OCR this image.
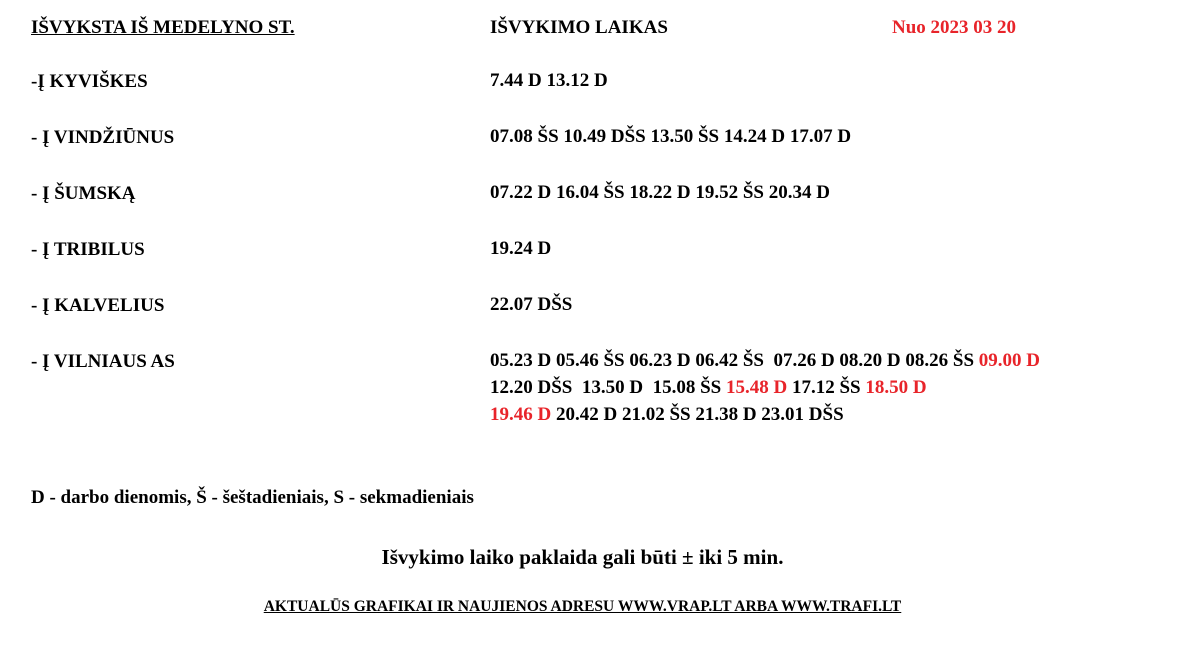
IŠVYKSTA IŠ MEDELYNO ST.	IŠVYKIMO LAIKAS	Nuo 2023 03 20
-Į KYVIŠKES	7.44 D 13.12 D
- Į VINDŽIŪNUS	07.08 ŠS 10.49 DŠS 13.50 ŠS 14.24 D 17.07 D
- Į ŠUMSKĄ	07.22 D 16.04 ŠS 18.22 D 19.52 ŠS 20.34 D
- Į TRIBILUS	19.24 D
- Į KALVELIUS	22.07 DŠS
- Į VILNIAUS AS	05.23 D 05.46 ŠS 06.23 D 06.42 ŠS  07.26 D 08.20 D 08.26 ŠS 09.00 D
12.20 DŠS  13.50 D  15.08 ŠS 15.48 D 17.12 ŠS 18.50 D
19.46 D 20.42 D 21.02 ŠS 21.38 D 23.01 DŠS
D - darbo dienomis, Š - šeštadieniais, S - sekmadieniais
Išvykimo laiko paklaida gali būti ± iki 5 min.
AKTUALŪS GRAFIKAI IR NAUJIENOS ADRESU WWW.VRAP.LT ARBA WWW.TRAFI.LT
